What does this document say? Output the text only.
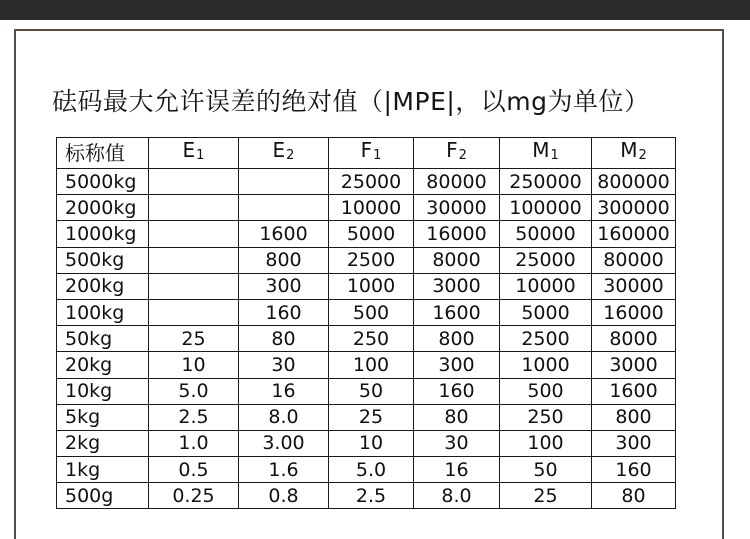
砝码最大允许误差的绝对值（|MPE|，以mg为单位）
标称值	E1	E2	F1	F2	M1	M2
5000kg			25000	80000	250000	800000
2000kg			10000	30000	100000	300000
1000kg		1600	5000	16000	50000	160000
500kg		800	2500	8000	25000	80000
200kg		300	1000	3000	10000	30000
100kg		160	500	1600	5000	16000
50kg	25	80	250	800	2500	8000
20kg	10	30	100	300	1000	3000
10kg	5.0	16	50	160	500	1600
5kg	2.5	8.0	25	80	250	800
2kg	1.0	3.00	10	30	100	300
1kg	0.5	1.6	5.0	16	50	160
500g	0.25	0.8	2.5	8.0	25	80
